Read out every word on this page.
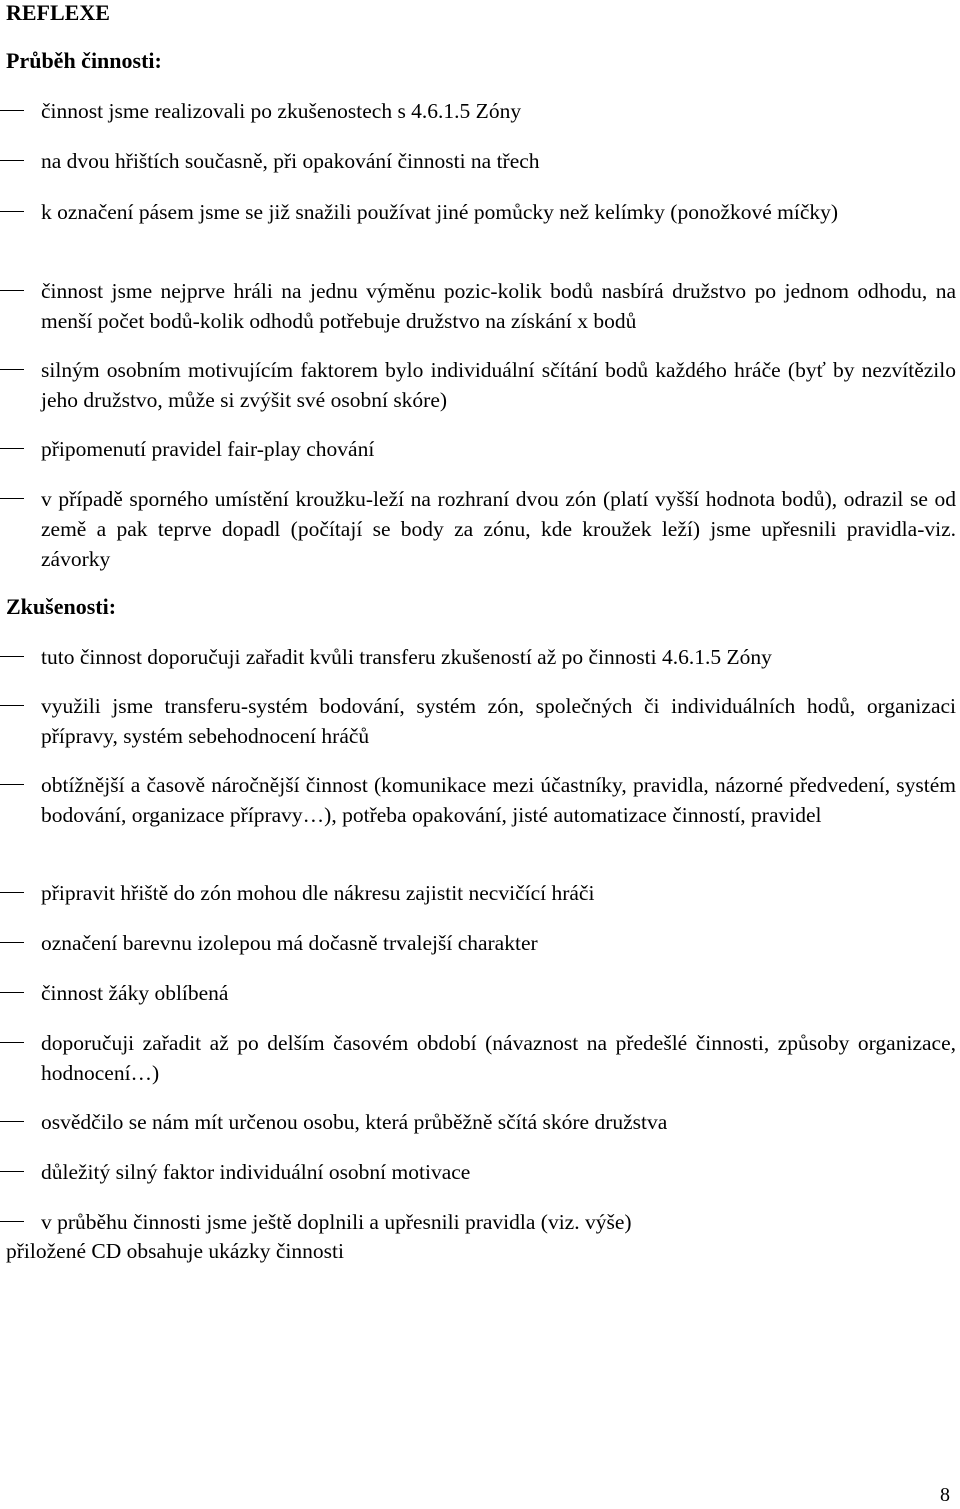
REFLEXE
Průběh činnosti:
činnost jsme realizovali po zkušenostech s 4.6.1.5 Zóny
na dvou hřištích současně, při opakování činnosti na třech
k označení pásem jsme se již snažili používat jiné pomůcky než kelímky (ponožkové míčky)
činnost jsme nejprve hráli na jednu výměnu pozic-kolik bodů nasbírá družstvo po jednom odhodu, na menší počet bodů-kolik odhodů potřebuje družstvo na získání x bodů
silným osobním motivujícím faktorem bylo individuální sčítání bodů každého hráče (byť by nezvítězilo jeho družstvo, může si zvýšit své osobní skóre)
připomenutí pravidel fair-play chování
v případě sporného umístění kroužku-leží na rozhraní dvou zón (platí vyšší hodnota bodů), odrazil se od země a pak teprve dopadl (počítají se body za zónu, kde kroužek leží) jsme upřesnili pravidla-viz. závorky
Zkušenosti:
tuto činnost doporučuji zařadit kvůli transferu zkušeností až po činnosti 4.6.1.5 Zóny
využili jsme transferu-systém bodování, systém zón, společných či individuálních hodů, organizaci přípravy, systém sebehodnocení hráčů
obtížnější a časově náročnější činnost (komunikace mezi účastníky, pravidla, názorné předvedení, systém bodování, organizace přípravy…), potřeba opakování, jisté automatizace činností, pravidel
připravit hřiště do zón mohou dle nákresu zajistit necvičící hráči
označení barevnu izolepou má dočasně trvalejší charakter
činnost žáky oblíbená
doporučuji zařadit až po delším časovém období (návaznost na předešlé činnosti, způsoby organizace, hodnocení…)
osvědčilo se nám mít určenou osobu, která průběžně sčítá skóre družstva
důležitý silný faktor individuální osobní motivace
v průběhu činnosti jsme ještě doplnili a upřesnili pravidla (viz. výše)
přiložené CD obsahuje ukázky činnosti
8
